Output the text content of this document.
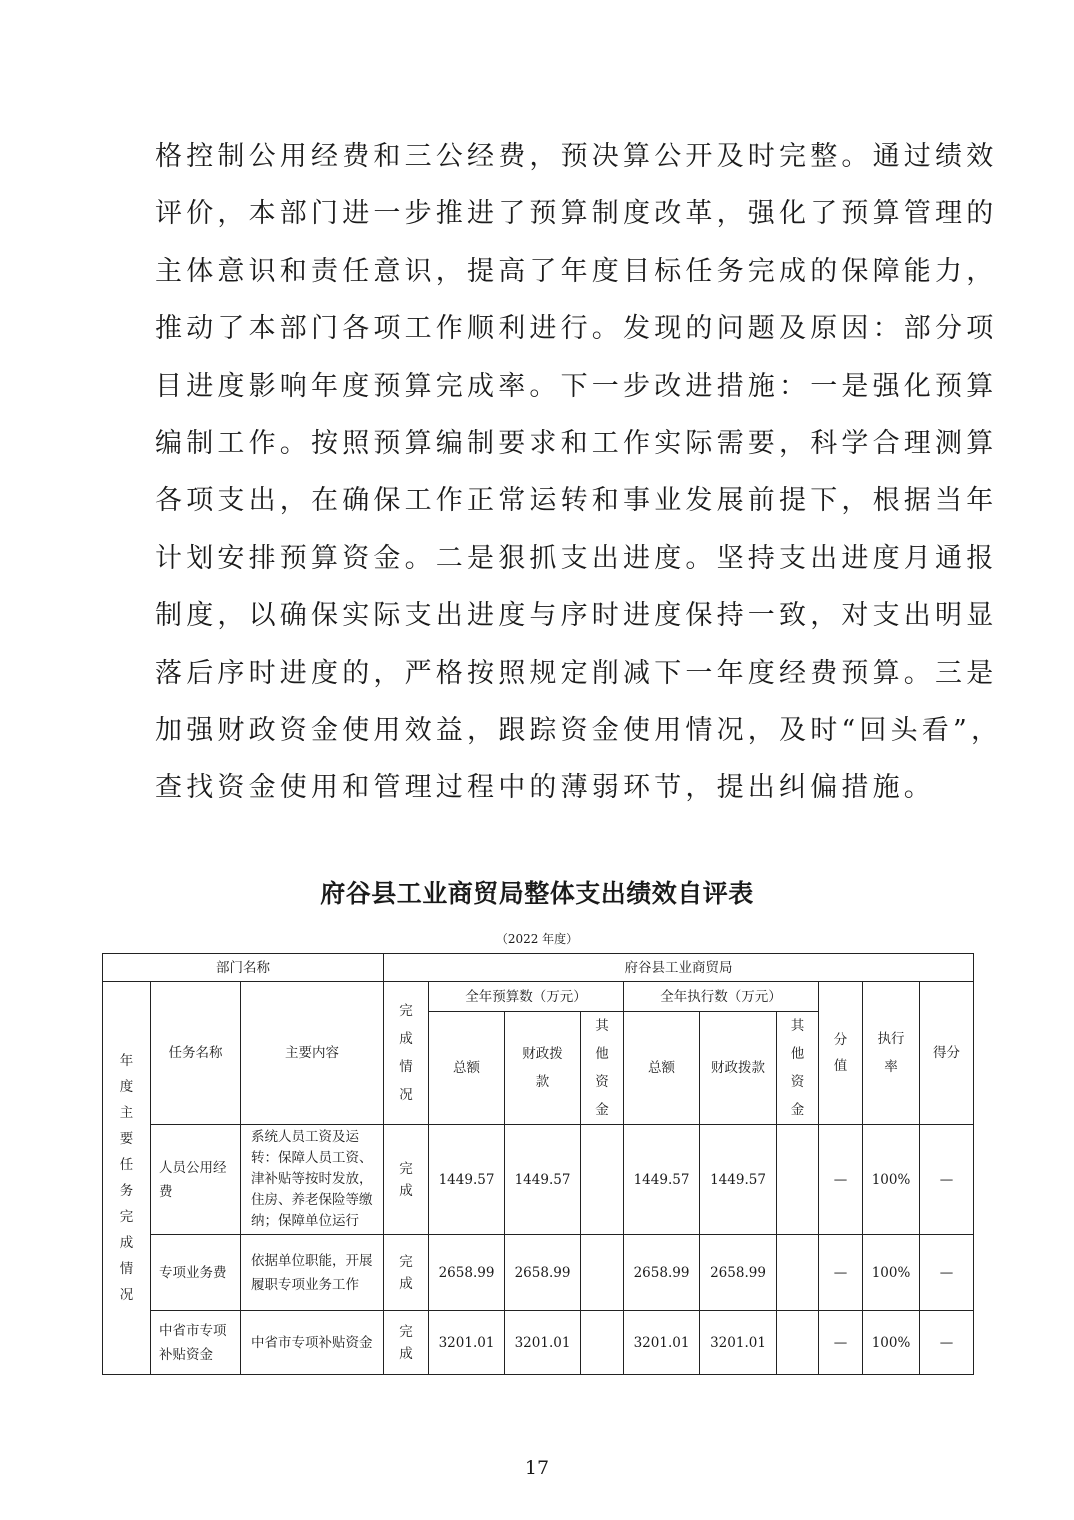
格控制公用经费和三公经费，预决算公开及时完整。通过绩效
评价，本部门进一步推进了预算制度改革，强化了预算管理的
主体意识和责任意识，提高了年度目标任务完成的保障能力，
推动了本部门各项工作顺利进行。发现的问题及原因：部分项
目进度影响年度预算完成率。下一步改进措施：一是强化预算
编制工作。按照预算编制要求和工作实际需要，科学合理测算
各项支出，在确保工作正常运转和事业发展前提下，根据当年
计划安排预算资金。二是狠抓支出进度。坚持支出进度月通报
制度，以确保实际支出进度与序时进度保持一致，对支出明显
落后序时进度的，严格按照规定削减下一年度经费预算。三是
加强财政资金使用效益，跟踪资金使用情况，及时“回头看”，
查找资金使用和管理过程中的薄弱环节，提出纠偏措施。
府谷县工业商贸局整体支出绩效自评表
（2022 年度）
部门名称			府谷县工业商贸局									
年度主要任务完成情况	任务名称	主要内容	完成情况	全年预算数（万元）			全年执行数（万元）			分值	执行率	得分
				总额	财政拨款	其他资金	总额	财政拨款	其他资金			
	人员公用经费	系统人员工资及运转：保障人员工资、津补贴等按时发放，住房、养老保险等缴纳；保障单位运行	完成	1449.57	1449.57		1449.57	1449.57		—	100%	—
	专项业务费	依据单位职能，开展履职专项业务工作	完成	2658.99	2658.99		2658.99	2658.99		—	100%	—
	中省市专项补贴资金	中省市专项补贴资金	完成	3201.01	3201.01		3201.01	3201.01		—	100%	—
17
